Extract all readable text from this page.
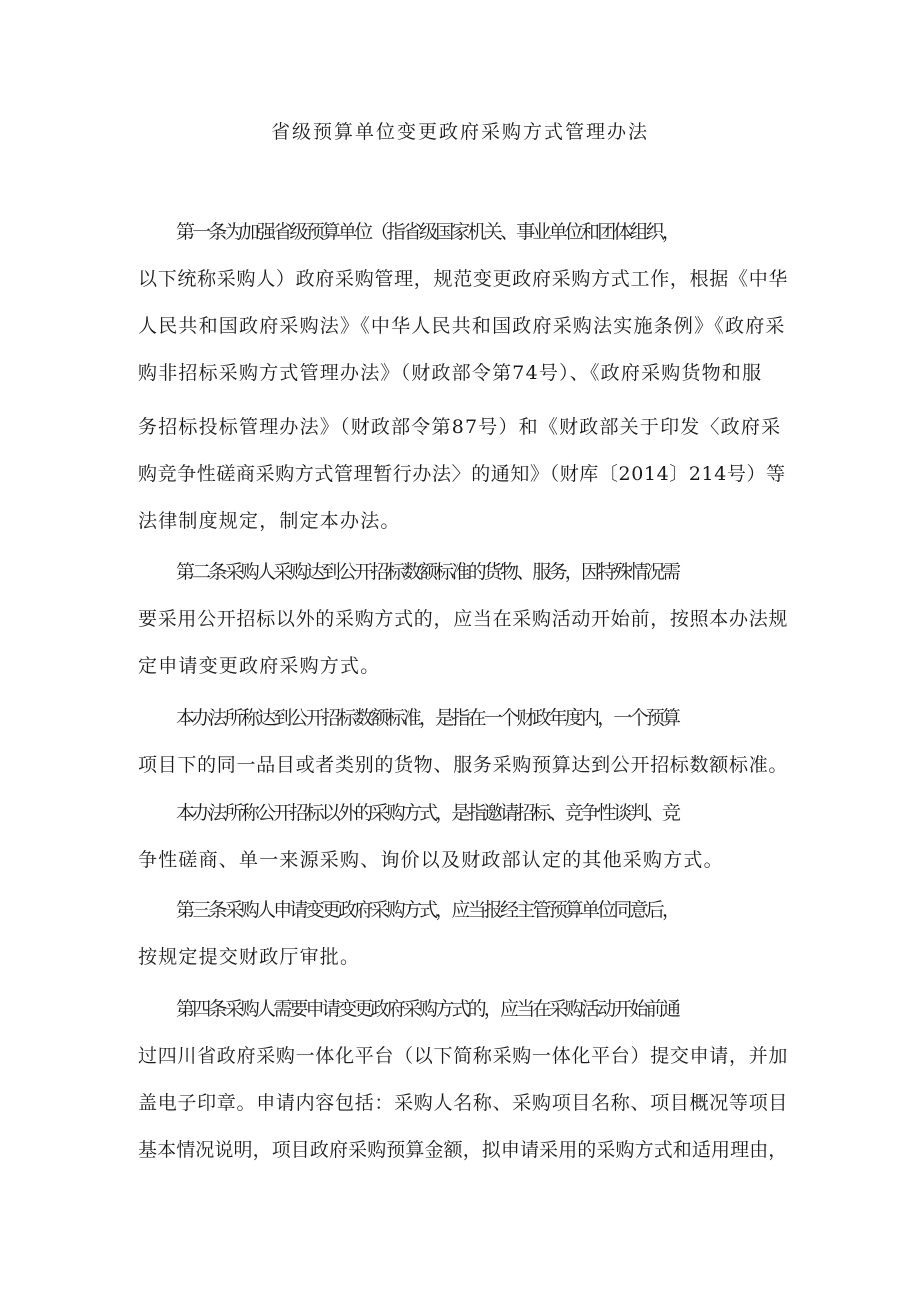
省级预算单位变更政府采购方式管理办法
第一条为加强省级预算单位（指省级国家机关、事业单位和团体组织，
以下统称采购人）政府采购管理，规范变更政府采购方式工作，根据《中华
人民共和国政府采购法》《中华人民共和国政府采购法实施条例》《政府采
购非招标采购方式管理办法》（财政部令第74号）、《政府采购货物和服
务招标投标管理办法》（财政部令第87号）和《财政部关于印发〈政府采
购竞争性磋商采购方式管理暂行办法〉的通知》（财库〔2014〕214号）等
法律制度规定，制定本办法。
第二条采购人采购达到公开招标数额标准的货物、服务，因特殊情况需
要采用公开招标以外的采购方式的，应当在采购活动开始前，按照本办法规
定申请变更政府采购方式。
本办法所称达到公开招标数额标准，是指在一个财政年度内，一个预算
项目下的同一品目或者类别的货物、服务采购预算达到公开招标数额标准。
本办法所称公开招标以外的采购方式，是指邀请招标、竞争性谈判、竞
争性磋商、单一来源采购、询价以及财政部认定的其他采购方式。
第三条采购人申请变更政府采购方式，应当报经主管预算单位同意后，
按规定提交财政厅审批。
第四条采购人需要申请变更政府采购方式的，应当在采购活动开始前通
过四川省政府采购一体化平台（以下简称采购一体化平台）提交申请，并加
盖电子印章。申请内容包括：采购人名称、采购项目名称、项目概况等项目
基本情况说明，项目政府采购预算金额，拟申请采用的采购方式和适用理由，
